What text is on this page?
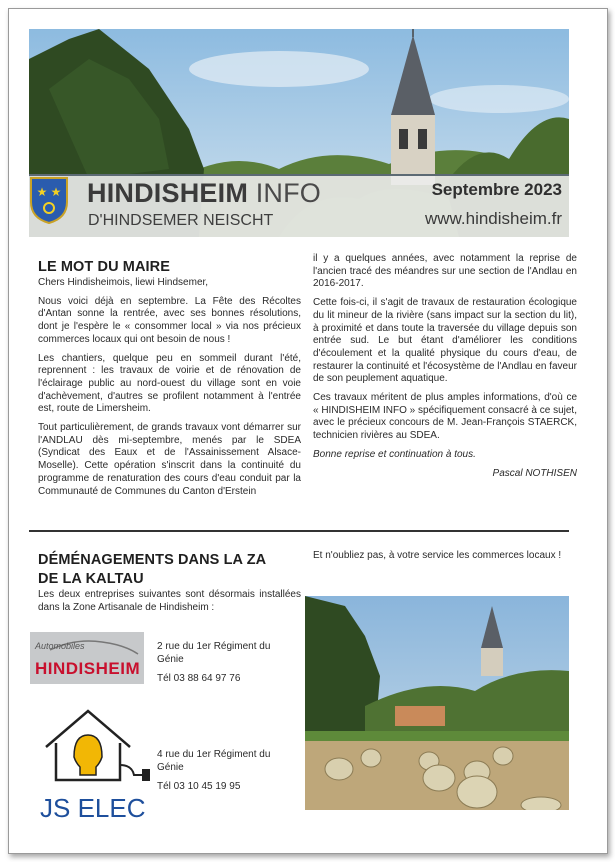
★ ★ HINDISHEIM INFO
D'HINDSEMER NEISCHT
Septembre 2023
www.hindisheim.fr
LE MOT DU MAIRE

Chers Hindisheimois, liewi Hindsemer,

Nous voici déjà en septembre. La Fête des Récoltes d'Antan sonne la rentrée, avec ses bonnes résolutions, dont je l'espère le « consommer local » via nos précieux commerces locaux qui ont besoin de nous !

Les chantiers, quelque peu en sommeil durant l'été, reprennent : les travaux de voirie et de rénovation de l'éclairage public au nord-ouest du village sont en voie d'achèvement, d'autres se profilent notamment à l'entrée est, route de Limersheim.

Tout particulièrement, de grands travaux vont démarrer sur l'ANDLAU dès mi-septembre, menés par le SDEA (Syndicat des Eaux et de l'Assainissement Alsace-Moselle). Cette opération s'inscrit dans la continuité du programme de renaturation des cours d'eau conduit par la Communauté de Communes du Canton d'Erstein

il y a quelques années, avec notamment la reprise de l'ancien tracé des méandres sur une section de l'Andlau en 2016-2017.

Cette fois-ci, il s'agit de travaux de restauration écologique du lit mineur de la rivière (sans impact sur la section du lit), à proximité et dans toute la traversée du village depuis son entrée sud. Le but étant d'améliorer les conditions d'écoulement et la qualité physique du cours d'eau, de restaurer la continuité et l'écosystème de l'Andlau en faveur de son peuplement aquatique.

Ces travaux méritent de plus amples informations, d'où ce « HINDISHEIM INFO » spécifiquement consacré à ce sujet, avec le précieux concours de M. Jean-François STAERCK, technicien rivières au SDEA.

Bonne reprise et continuation à tous.

Pascal NOTHISEN

DÉMÉNAGEMENTS DANS LA ZA
DE LA KALTAU

Les deux entreprises suivantes sont désormais installées dans la Zone Artisanale de Hindisheim :

Et n'oubliez pas, à votre service les commerces locaux !

Automobiles
HINDISHEIM
2 rue du 1er Régiment du Génie
Tél 03 88 64 97 76
JS ELEC
4 rue du 1er Régiment du Génie
Tél 03 10 45 19 95
